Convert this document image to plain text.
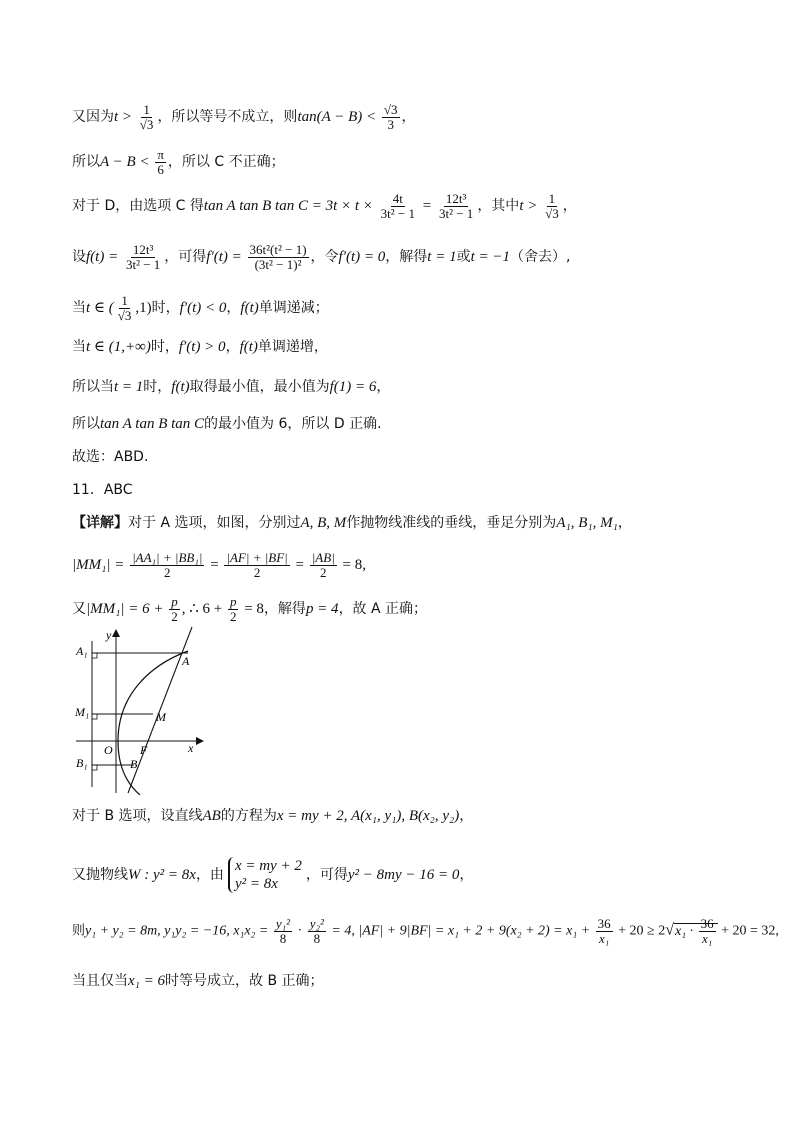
又因为$t > \frac{1}{√3}$ ，所以等号不成立，则$\tan(A - B) < \frac{√3}{3}$ ，
所以$A - B < \frac{\pi}{6}$ ，所以 C 不正确；
对于 D，由选项 C 得tan A tan B $\tan C = 3t \times t \times \frac{4t}{\text{3t² − 1}} = \frac{\text{12t³}}{\text{3t² − 1}}$ ，其中$t > \frac{1}{√3}$ ，
设$f(t) = \frac{\text{12t³}}{\text{3t² − 1}}$ ，可得$f'(t) = \frac{\text{36t²(t² − 1)}}{\text{(3t² − 1)²}}$ ，令f′(t) = 0，解得t = 1或t = −1（舍去）,
当t ∈ ( $\frac{1}{√3} ,1$)时，f′(t) < 0，f(t)单调递减；
当t ∈ (1,+∞)时，f′(t) > 0，f(t)单调递增，
所以当t = 1时，f(t)取得最小值，最小值为f(1) = 6，
所以tan A tan B tan C的最小值为 6，所以 D 正确.
故选：ABD.
11．ABC
【详解】对于 A 选项，如图，分别过A, B, M作抛物线准线的垂线，垂足分别为A₁, B₁, M₁，
$|MM_1| = \frac{\text{|AA₁| + |BB₁|}}{2} = \frac{|AF| + |BF|}{2} = \frac{|AB|}{2} = 8$,
又$|MM_1| = 6 + \frac{p}{2}$ , ∴ $6 + \frac{p}{2} = 8$，解得p = 4，故 A 正确；
A₁
M₁
B₁
A
M
F
B
O	x
y
对于 B 选项，设直线AB的方程为x = my + 2, A(x₁, y₁), B(x₂, y₂)，
又抛物线W : y² = 8x，由
x = my + 2
y² = 8x
，可得y² − 8my − 16 = 0，
则y₁ + y₂ = 8m, y₁y₂ = −16, $x_1x_2 = \frac{\text{y₁²}}{8} \cdot \frac{\text{y₂²}}{8} = 4$, $|AF| + 9|BF| = x_1 + 2 + 9(x_2 + 2) = x_1 + \frac{36}{\text{x₁}} + 20 \ge 2√x_1 \cdot \frac{36}{\text{x₁}} + 20 = 32$,
当且仅当x₁ = 6时等号成立，故 B 正确；
